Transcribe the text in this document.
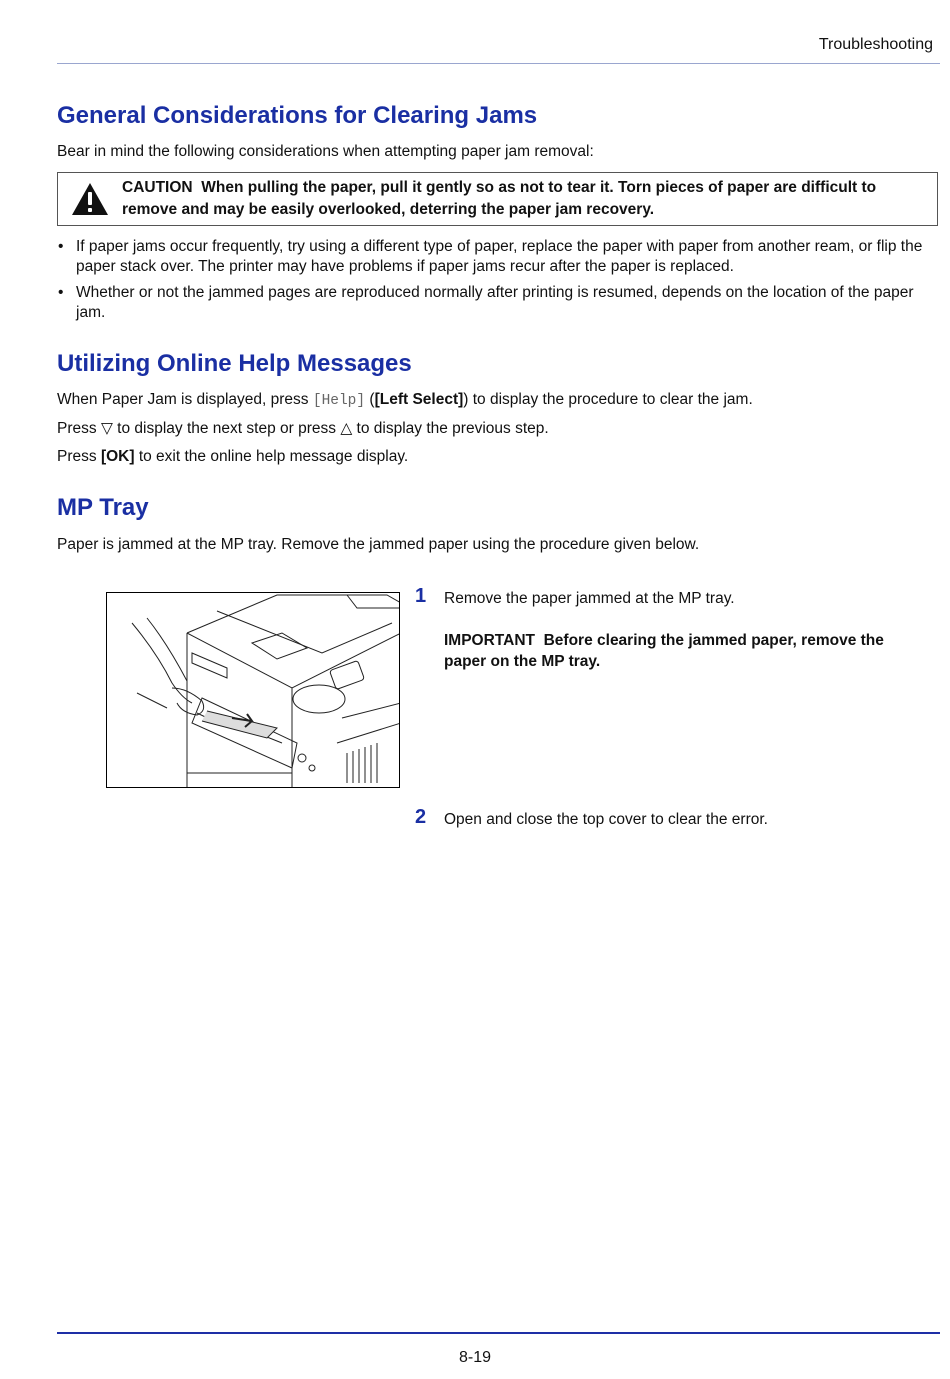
Troubleshooting
General Considerations for Clearing Jams

Bear in mind the following considerations when attempting paper jam removal:

CAUTION When pulling the paper, pull it gently so as not to tear it. Torn pieces of paper are difficult to remove and may be easily overlooked, deterring the paper jam recovery.
• If paper jams occur frequently, try using a different type of paper, replace the paper with paper from another ream, or flip the paper stack over. The printer may have problems if paper jams recur after the paper is replaced.
• Whether or not the jammed pages are reproduced normally after printing is resumed, depends on the location of the paper jam.
Utilizing Online Help Messages

When Paper Jam is displayed, press [Help] ([Left Select]) to display the procedure to clear the jam.

Press ▽ to display the next step or press △ to display the previous step.

Press [OK] to exit the online help message display.

MP Tray

Paper is jammed at the MP tray. Remove the jammed paper using the procedure given below.

1 Remove the paper jammed at the MP tray.
IMPORTANT Before clearing the jammed paper, remove the paper on the MP tray.
2 Open and close the top cover to clear the error.
8-19
